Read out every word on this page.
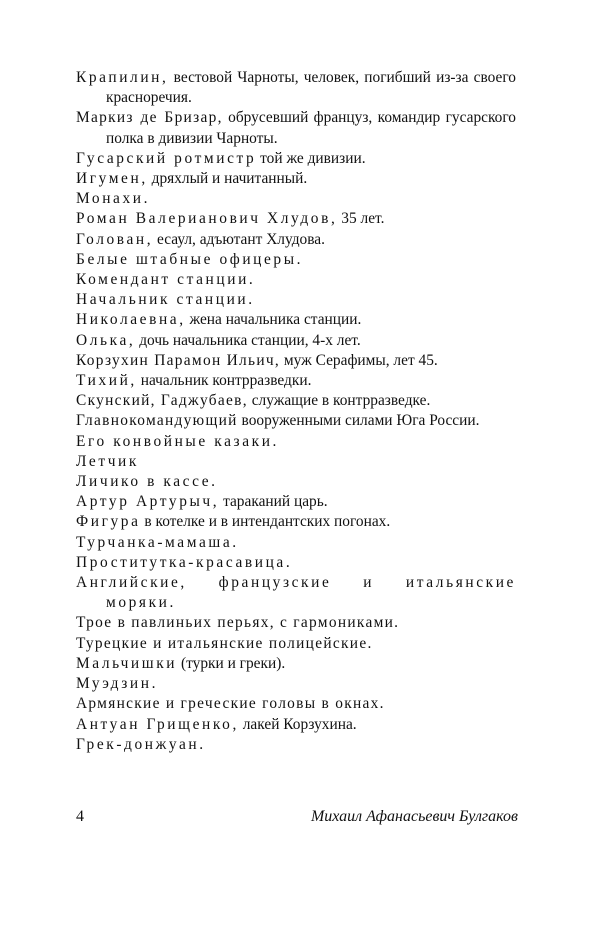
Крапилин, вестовой Чарноты, человек, погибший из-за своего красноречия.
Маркиз де Бризар, обрусевший француз, командир гусарского полка в дивизии Чарноты.
Гусарский ротмистр той же дивизии.
Игумен, дряхлый и начитанный.
Монахи.
Роман Валерианович Хлудов, 35 лет.
Голован, есаул, адъютант Хлудова.
Белые штабные офицеры.
Комендант станции.
Начальник станции.
Николаевна, жена начальника станции.
Олька, дочь начальника станции, 4-х лет.
Корзухин Парамон Ильич, муж Серафимы, лет 45.
Тихий, начальник контрразведки.
Скунский, Гаджубаев, служащие в контрразведке.
Главнокомандующий вооруженными силами Юга России.
Его конвойные казаки.
Летчик
Личико в кассе.
Артур Артурыч, тараканий царь.
Фигура в котелке и в интендантских погонах.
Турчанка-мамаша.
Проститутка-красавица.
Английские, французские и итальянские моряки.
Трое в павлиньих перьях, с гармониками.
Турецкие и итальянские полицейские.
Мальчишки (турки и греки).
Муэдзин.
Армянские и греческие головы в окнах.
Антуан Грищенко, лакей Корзухина.
Грек-донжуан.
4	Михаил Афанасьевич Булгаков
